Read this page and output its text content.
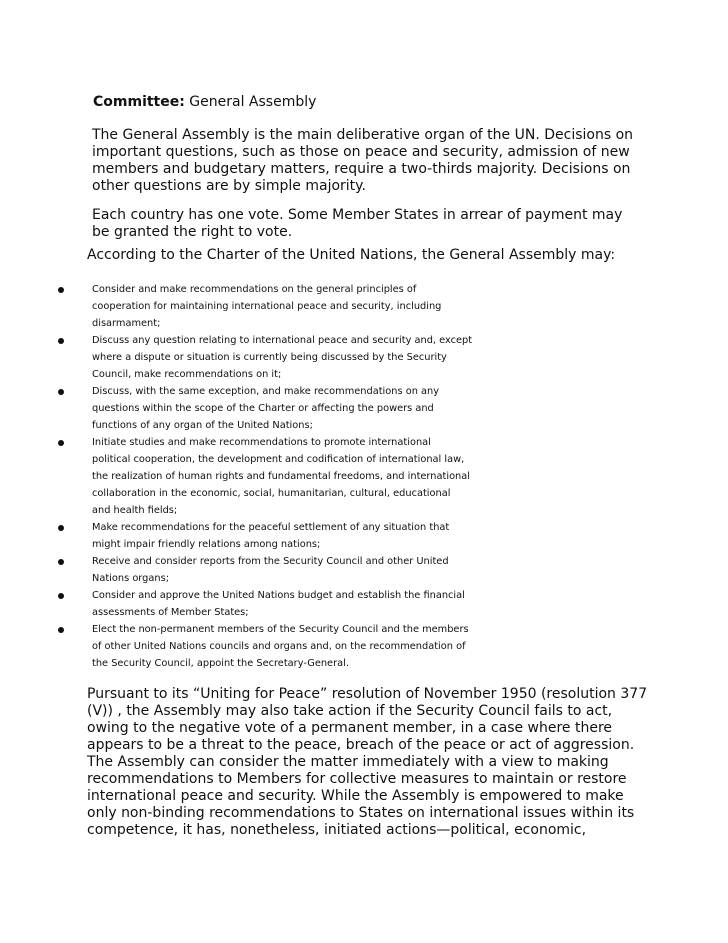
Committee: General Assembly

The General Assembly is the main deliberative organ of the UN. Decisions on
important questions, such as those on peace and security, admission of new
members and budgetary matters, require a two-thirds majority. Decisions on
other questions are by simple majority.

Each country has one vote. Some Member States in arrear of payment may
be granted the right to vote.

According to the Charter of the United Nations, the General Assembly may:

Consider and make recommendations on the general principles of
cooperation for maintaining international peace and security, including
disarmament;
Discuss any question relating to international peace and security and, except
where a dispute or situation is currently being discussed by the Security
Council, make recommendations on it;
Discuss, with the same exception, and make recommendations on any
questions within the scope of the Charter or affecting the powers and
functions of any organ of the United Nations;
Initiate studies and make recommendations to promote international
political cooperation, the development and codification of international law,
the realization of human rights and fundamental freedoms, and international
collaboration in the economic, social, humanitarian, cultural, educational
and health fields;
Make recommendations for the peaceful settlement of any situation that
might impair friendly relations among nations;
Receive and consider reports from the Security Council and other United
Nations organs;
Consider and approve the United Nations budget and establish the financial
assessments of Member States;
Elect the non-permanent members of the Security Council and the members
of other United Nations councils and organs and, on the recommendation of
the Security Council, appoint the Secretary-General.

Pursuant to its “Uniting for Peace” resolution of November 1950 (resolution 377
(V)) , the Assembly may also take action if the Security Council fails to act,
owing to the negative vote of a permanent member, in a case where there
appears to be a threat to the peace, breach of the peace or act of aggression.
The Assembly can consider the matter immediately with a view to making
recommendations to Members for collective measures to maintain or restore
international peace and security. While the Assembly is empowered to make
only non-binding recommendations to States on international issues within its
competence, it has, nonetheless, initiated actions—political, economic,
